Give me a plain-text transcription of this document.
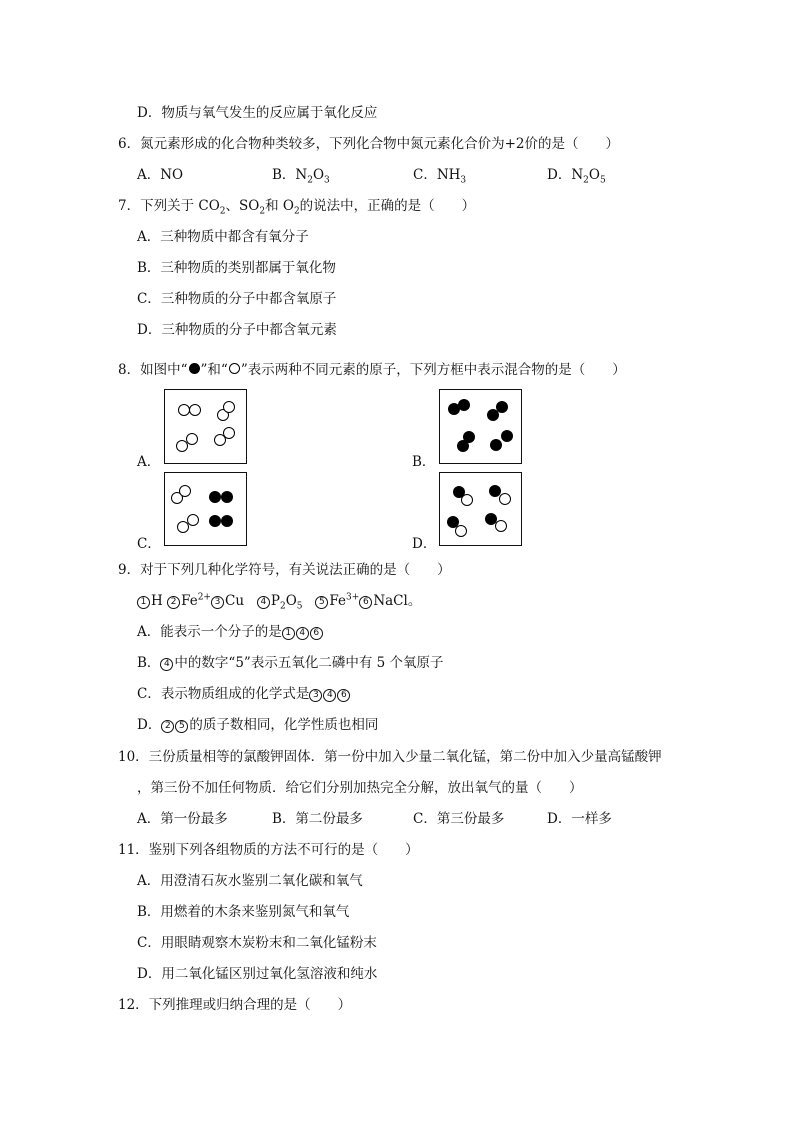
D．物质与氧气发生的反应属于氧化反应
6．氮元素形成的化合物种类较多，下列化合物中氮元素化合价为+2价的是（　　）
A．NO	B．$N_2O_3$	C．$NH_3$	D．$N_2O_5$
7．下列关于 $CO_2$、$SO_2$和 $O_2$的说法中，正确的是（　　）
A．三种物质中都含有氧分子
B．三种物质的类别都属于氧化物
C．三种物质的分子中都含氧原子
D．三种物质的分子中都含氧元素
8．如图中“ ”和“ ”表示两种不同元素的原子，下列方框中表示混合物的是（　　）
A．	B．
C．	D．
9．对于下列几种化学符号，有关说法正确的是（　　）
1 H 2 $Fe^{2+}$ 3 Cu 4 $P_2O_5$ 5 $Fe^{3+}$ 6 NaCl。
A．能表示一个分子的是 1 4 6
B． 4 中的数字“5”表示五氧化二磷中有 5 个氧原子
C．表示物质组成的化学式是 3 4 6
D． 2 5 的质子数相同，化学性质也相同
10．三份质量相等的氯酸钾固体．第一份中加入少量二氧化锰，第二份中加入少量高锰酸钾
，第三份不加任何物质．给它们分别加热完全分解，放出氧气的量（　　）
A．第一份最多	B．第二份最多	C．第三份最多	D．一样多
11．鉴别下列各组物质的方法不可行的是（　　）
A．用澄清石灰水鉴别二氧化碳和氧气
B．用燃着的木条来鉴别氮气和氧气
C．用眼睛观察木炭粉末和二氧化锰粉末
D．用二氧化锰区别过氧化氢溶液和纯水
12．下列推理或归纳合理的是（　　）
